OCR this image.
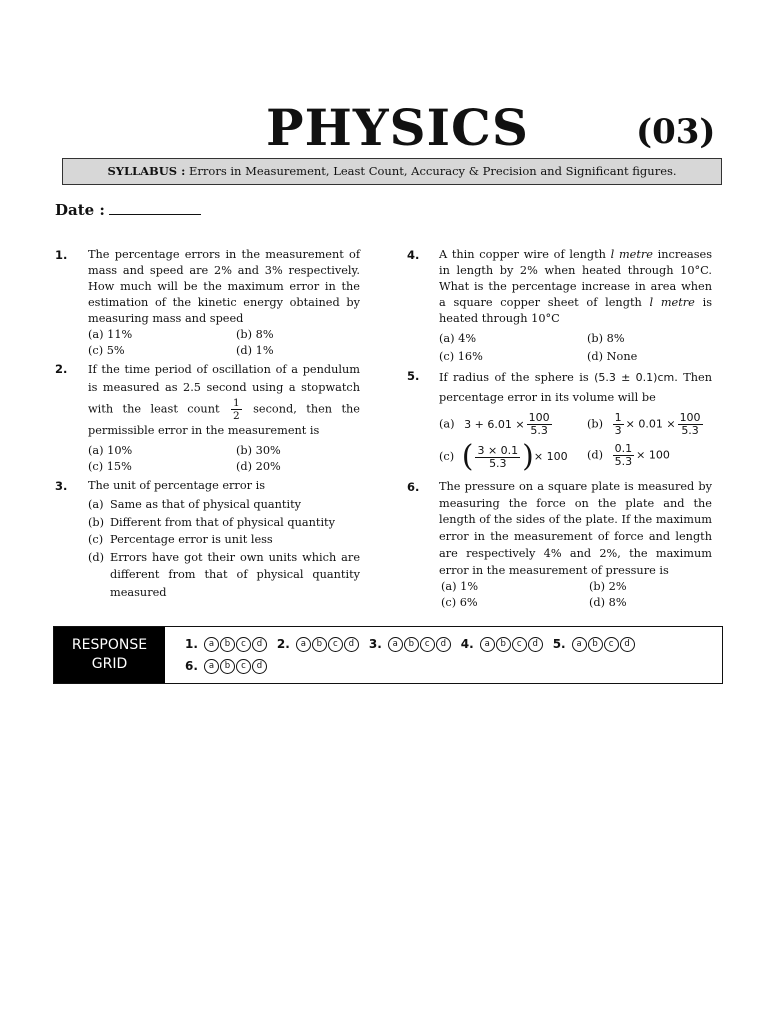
PHYSICS	(03)
SYLLABUS : Errors in Measurement, Least Count, Accuracy & Precision and Significant figures.
Date :
1. The percentage errors in the measurement of mass and speed are 2% and 3% respectively. How much will be the maximum error in the estimation of the kinetic energy obtained by measuring mass and speed
(a) 11%	(b) 8%
(c) 5%	(d) 1%
2. If the time period of oscillation of a pendulum is measured as 2.5 second using a stopwatch with the least count $\frac{1}{2}$ second, then the permissible error in the measurement is
(a) 10%	(b) 30%
(c) 15%	(d) 20%
3. The unit of percentage error is
(a) Same as that of physical quantity
(b) Different from that of physical quantity
(c) Percentage error is unit less
(d) Errors have got their own units which are different from that of physical quantity measured
4. A thin copper wire of length l metre increases in length by 2% when heated through 10°C. What is the percentage increase in area when a square copper sheet of length l metre is heated through 10°C
(a) 4%	(b) 8%
(c) 16%	(d) None
5. If radius of the sphere is (5.3 ± 0.1)cm. Then percentage error in its volume will be
(a) $3 + 6.01 \times \frac{100}{5.3}$	$(b) \frac{1}{3} \times 0.01 \times \frac{100}{5.3}$
(c) ( $\frac{3 \times 0.1}{5.3}$ )× 100	$(d) \frac{0.1}{5.3} \times 100$
6. The pressure on a square plate is measured by measuring the force on the plate and the length of the sides of the plate. If the maximum error in the measurement of force and length are respectively 4% and 2%, the maximum error in the measurement of pressure is
(a) 1%	(b) 2%
(c) 6%	(d) 8%
RESPONSE
GRID
1.	a	b	c	d	2.	a	b	c	d	3.	a	b	c	d	4.	a	b	c	d	5.	a	b	c	d
6.	a	b	c	d
